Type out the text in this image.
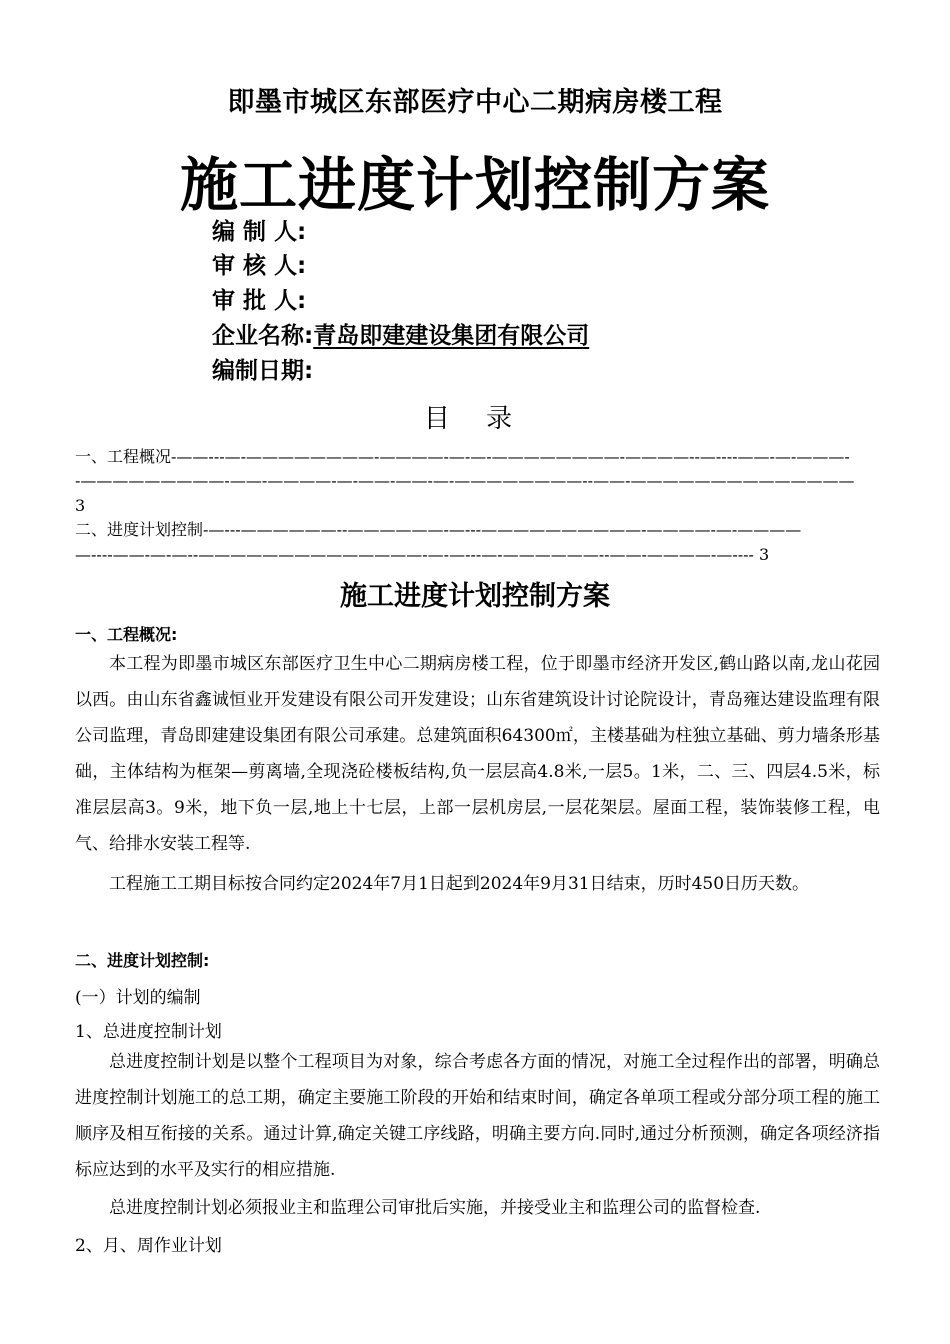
即墨市城区东部医疗中心二期病房楼工程
施工进度计划控制方案
编 制 人:
审 核 人:
审 批 人:
企业名称:青岛即建建设集团有限公司
编制日期:
目 录
一、工程概况-——---—-————————-————-—-—-————————-————--—----——-—-———-
-—————————-——-————-—-——-——-—-————————--——-——————————————
3
二、进度计划控制-—---——————--——————-—---——————————-————-—-————
—----——-—-—--——————————————-—-—---—-——————--——-————-—---- 3
施工进度计划控制方案
一、工程概况:
本工程为即墨市城区东部医疗卫生中心二期病房楼工程，位于即墨市经济开发区,鹤山路以南,龙山花园以西。由山东省鑫诚恒业开发建设有限公司开发建设；山东省建筑设计讨论院设计，青岛雍达建设监理有限公司监理，青岛即建建设集团有限公司承建。总建筑面积64300㎡，主楼基础为柱独立基础、剪力墙条形基础，主体结构为框架—剪离墙,全现浇砼楼板结构,负一层层高4.8米,一层5。1米，二、三、四层4.5米，标准层层高3。9米，地下负一层,地上十七层，上部一层机房层,一层花架层。屋面工程，装饰装修工程，电气、给排水安装工程等.
工程施工工期目标按合同约定2024年7月1日起到2024年9月31日结束，历时450日历天数。
二、进度计划控制:
(一）计划的编制
1、总进度控制计划
总进度控制计划是以整个工程项目为对象，综合考虑各方面的情况，对施工全过程作出的部署，明确总进度控制计划施工的总工期，确定主要施工阶段的开始和结束时间，确定各单项工程或分部分项工程的施工顺序及相互衔接的关系。通过计算,确定关键工序线路，明确主要方向.同时,通过分析预测，确定各项经济指标应达到的水平及实行的相应措施.
总进度控制计划必须报业主和监理公司审批后实施，并接受业主和监理公司的监督检查.
2、月、周作业计划
